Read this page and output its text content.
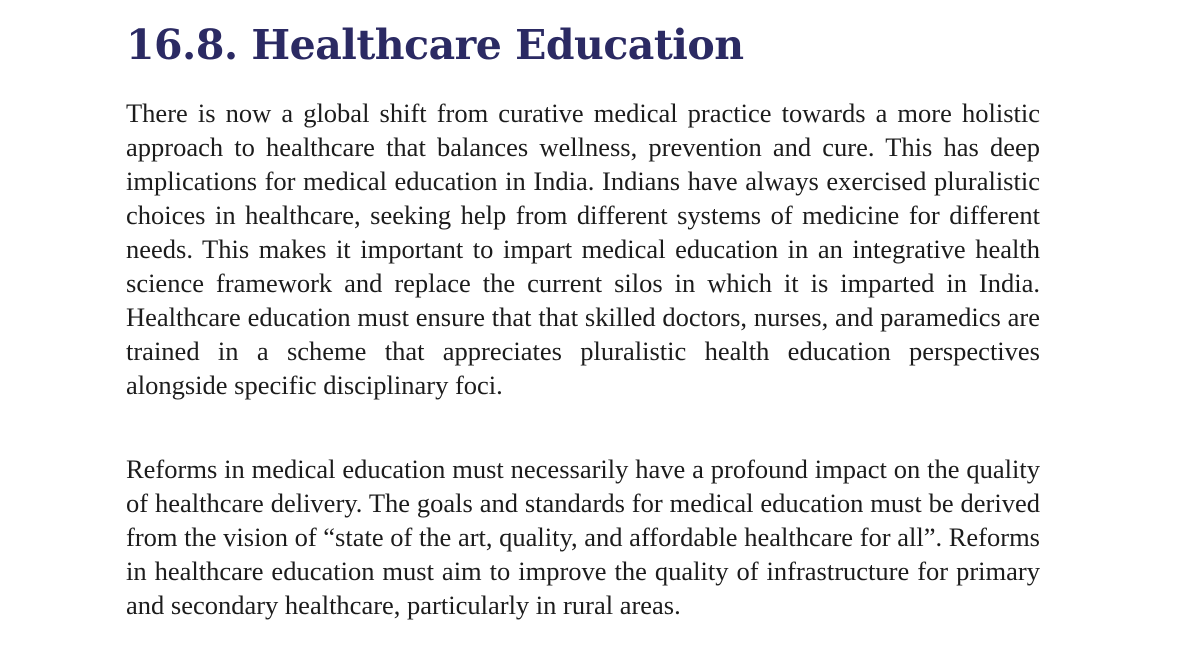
16.8. Healthcare Education

There is now a global shift from curative medical practice towards a more holistic approach to healthcare that balances wellness, prevention and cure. This has deep implications for medical education in India. Indians have always exercised pluralistic choices in healthcare, seeking help from different systems of medicine for different needs. This makes it important to impart medical education in an integrative health science framework and replace the current silos in which it is imparted in India. Healthcare education must ensure that that skilled doctors, nurses, and paramedics are trained in a scheme that appreciates pluralistic health education perspectives alongside specific disciplinary foci.

Reforms in medical education must necessarily have a profound impact on the quality of healthcare delivery. The goals and standards for medical education must be derived from the vision of “state of the art, quality, and affordable healthcare for all”. Reforms in healthcare education must aim to improve the quality of infrastructure for primary and secondary healthcare, particularly in rural areas.
